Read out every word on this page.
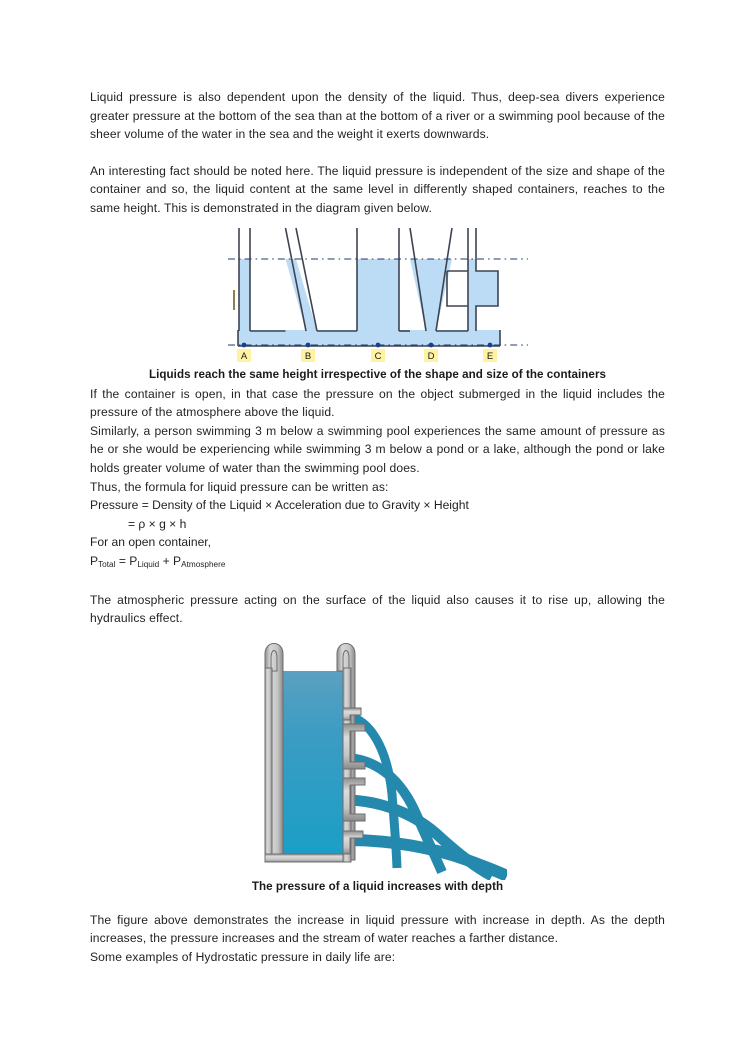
Liquid pressure is also dependent upon the density of the liquid. Thus, deep-sea divers experience greater pressure at the bottom of the sea than at the bottom of a river or a swimming pool because of the sheer volume of the water in the sea and the weight it exerts downwards.

An interesting fact should be noted here. The liquid pressure is independent of the size and shape of the container and so, the liquid content at the same level in differently shaped containers, reaches to the same height. This is demonstrated in the diagram given below.

A	B	C	D	E

Liquids reach the same height irrespective of the shape and size of the containers

If the container is open, in that case the pressure on the object submerged in the liquid includes the pressure of the atmosphere above the liquid.

Similarly, a person swimming 3 m below a swimming pool experiences the same amount of pressure as he or she would be experiencing while swimming 3 m below a pond or a lake, although the pond or lake holds greater volume of water than the swimming pool does.

Thus, the formula for liquid pressure can be written as:

Pressure = Density of the Liquid × Acceleration due to Gravity × Height

= ρ × g × h

For an open container,

$P_{Total} = P_{Liquid} + P_{Atmosphere}$

The atmospheric pressure acting on the surface of the liquid also causes it to rise up, allowing the hydraulics effect.

The pressure of a liquid increases with depth

The figure above demonstrates the increase in liquid pressure with increase in depth. As the depth increases, the pressure increases and the stream of water reaches a farther distance.

Some examples of Hydrostatic pressure in daily life are:
